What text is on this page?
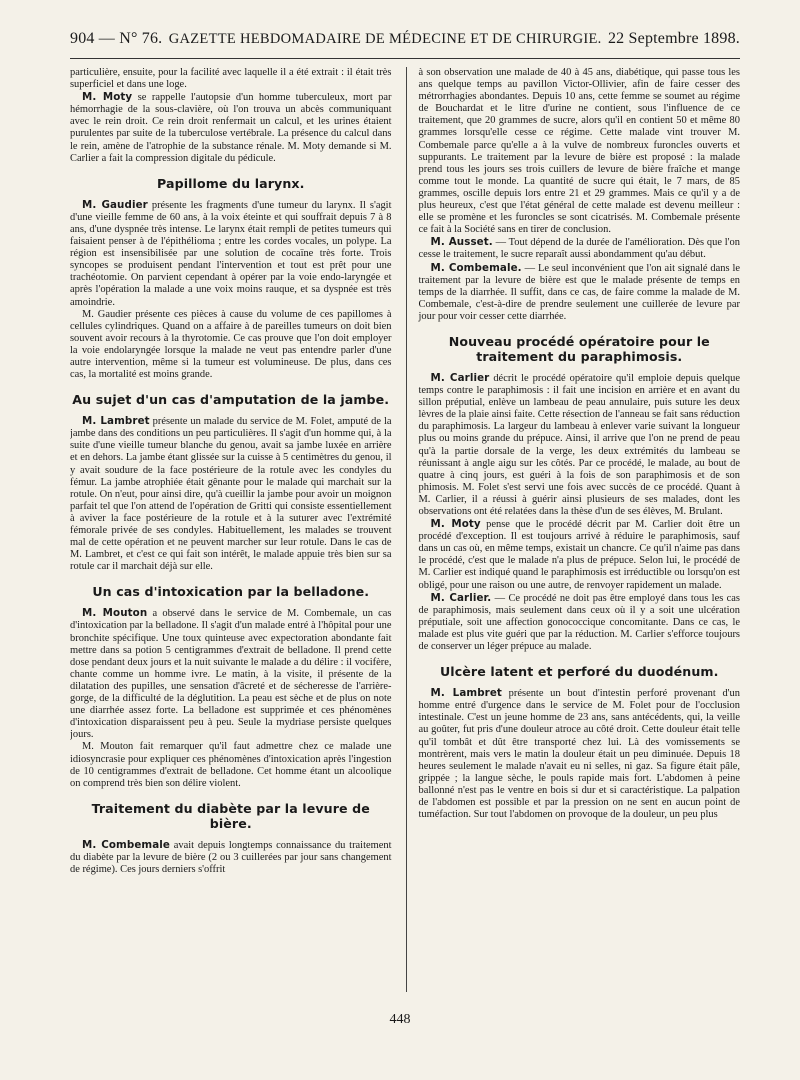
904 — N° 76. GAZETTE HEBDOMADAIRE DE MÉDECINE ET DE CHIRURGIE. 22 Septembre 1898.

particulière, ensuite, pour la facilité avec laquelle il a été extrait : il était très superficiel et dans une loge.

M. Moty se rappelle l'autopsie d'un homme tuberculeux, mort par hémorrhagie de la sous-clavière, où l'on trouva un abcès communiquant avec le rein droit. Ce rein droit renfermait un calcul, et les urines étaient purulentes par suite de la tuberculose vertébrale. La présence du calcul dans le rein, amène de l'atrophie de la substance rénale. M. Moty demande si M. Carlier a fait la compression digitale du pédicule.

Papillome du larynx.

M. Gaudier présente les fragments d'une tumeur du larynx. Il s'agit d'une vieille femme de 60 ans, à la voix éteinte et qui souffrait depuis 7 à 8 ans, d'une dyspnée très intense. Le larynx était rempli de petites tumeurs qui faisaient penser à de l'épithélioma ; entre les cordes vocales, un polype. La région est insensibilisée par une solution de cocaïne très forte. Trois syncopes se produisent pendant l'intervention et tout est prêt pour une trachéotomie. On parvient cependant à opérer par la voie endo-laryngée et après l'opération la malade a une voix moins rauque, et sa dyspnée est très amoindrie.

M. Gaudier présente ces pièces à cause du volume de ces papillomes à cellules cylindriques. Quand on a affaire à de pareilles tumeurs on doit bien souvent avoir recours à la thyrotomie. Ce cas prouve que l'on doit employer la voie endolaryngée lorsque la malade ne veut pas entendre parler d'une autre intervention, même si la tumeur est volumineuse. De plus, dans ces cas, la mortalité est moins grande.

Au sujet d'un cas d'amputation de la jambe.

M. Lambret présente un malade du service de M. Folet, amputé de la jambe dans des conditions un peu particulières. Il s'agit d'un homme qui, à la suite d'une vieille tumeur blanche du genou, avait sa jambe luxée en arrière et en dehors. La jambe étant glissée sur la cuisse à 5 centimètres du genou, il y avait soudure de la face postérieure de la rotule avec les condyles du fémur. La jambe atrophiée était gênante pour le malade qui marchait sur la rotule. On n'eut, pour ainsi dire, qu'à cueillir la jambe pour avoir un moignon parfait tel que l'on attend de l'opération de Gritti qui consiste essentiellement à aviver la face postérieure de la rotule et à la suturer avec l'extrémité fémorale privée de ses condyles. Habituellement, les malades se trouvent mal de cette opération et ne peuvent marcher sur leur rotule. Dans le cas de M. Lambret, et c'est ce qui fait son intérêt, le malade appuie très bien sur sa rotule car il marchait déjà sur elle.

Un cas d'intoxication par la belladone.

M. Mouton a observé dans le service de M. Combemale, un cas d'intoxication par la belladone. Il s'agit d'un malade entré à l'hôpital pour une bronchite spécifique. Une toux quinteuse avec expectoration abondante fait mettre dans sa potion 5 centigrammes d'extrait de belladone. Il prend cette dose pendant deux jours et la nuit suivante le malade a du délire : il vocifère, chante comme un homme ivre. Le matin, à la visite, il présente de la dilatation des pupilles, une sensation d'âcreté et de sécheresse de l'arrière-gorge, de la difficulté de la déglutition. La peau est sèche et de plus on note une diarrhée assez forte. La belladone est supprimée et ces phénomènes d'intoxication disparaissent peu à peu. Seule la mydriase persiste quelques jours.

M. Mouton fait remarquer qu'il faut admettre chez ce malade une idiosyncrasie pour expliquer ces phénomènes d'intoxication après l'ingestion de 10 centigrammes d'extrait de belladone. Cet homme étant un alcoolique on comprend très bien son délire violent.

Traitement du diabète par la levure de bière.

M. Combemale avait depuis longtemps connaissance du traitement du diabète par la levure de bière (2 ou 3 cuillerées par jour sans changement de régime). Ces jours derniers s'offrit

à son observation une malade de 40 à 45 ans, diabétique, qui passe tous les ans quelque temps au pavillon Victor-Ollivier, afin de faire cesser des métrorrhagies abondantes. Depuis 10 ans, cette femme se soumet au régime de Bouchardat et le litre d'urine ne contient, sous l'influence de ce traitement, que 20 grammes de sucre, alors qu'il en contient 50 et même 80 grammes lorsqu'elle cesse ce régime. Cette malade vint trouver M. Combemale parce qu'elle a à la vulve de nombreux furoncles ouverts et suppurants. Le traitement par la levure de bière est proposé : la malade prend tous les jours ses trois cuillers de levure de bière fraîche et mange comme tout le monde. La quantité de sucre qui était, le 7 mars, de 85 grammes, oscille depuis lors entre 21 et 29 grammes. Mais ce qu'il y a de plus heureux, c'est que l'état général de cette malade est devenu meilleur : elle se promène et les furoncles se sont cicatrisés. M. Combemale présente ce fait à la Société sans en tirer de conclusion.

M. Ausset. — Tout dépend de la durée de l'amélioration. Dès que l'on cesse le traitement, le sucre reparaît aussi abondamment qu'au début.

M. Combemale. — Le seul inconvénient que l'on ait signalé dans le traitement par la levure de bière est que le malade présente de temps en temps de la diarrhée. Il suffit, dans ce cas, de faire comme la malade de M. Combemale, c'est-à-dire de prendre seulement une cuillerée de levure par jour pour voir cesser cette diarrhée.

Nouveau procédé opératoire pour le traitement du paraphimosis.

M. Carlier décrit le procédé opératoire qu'il emploie depuis quelque temps contre le paraphimosis : il fait une incision en arrière et en avant du sillon préputial, enlève un lambeau de peau annulaire, puis suture les deux lèvres de la plaie ainsi faite. Cette résection de l'anneau se fait sans réduction du paraphimosis. La largeur du lambeau à enlever varie suivant la longueur plus ou moins grande du prépuce. Ainsi, il arrive que l'on ne prend de peau qu'à la partie dorsale de la verge, les deux extrémités du lambeau se réunissant à angle aigu sur les côtés. Par ce procédé, le malade, au bout de quatre à cinq jours, est guéri à la fois de son paraphimosis et de son phimosis. M. Folet s'est servi une fois avec succès de ce procédé. Quant à M. Carlier, il a réussi à guérir ainsi plusieurs de ses malades, dont les observations ont été relatées dans la thèse d'un de ses élèves, M. Brulant.

M. Moty pense que le procédé décrit par M. Carlier doit être un procédé d'exception. Il est toujours arrivé à réduire le paraphimosis, sauf dans un cas où, en même temps, existait un chancre. Ce qu'il n'aime pas dans le procédé, c'est que le malade n'a plus de prépuce. Selon lui, le procédé de M. Carlier est indiqué quand le paraphimosis est irréductible ou lorsqu'on est obligé, pour une raison ou une autre, de renvoyer rapidement un malade.

M. Carlier. — Ce procédé ne doit pas être employé dans tous les cas de paraphimosis, mais seulement dans ceux où il y a soit une ulcération préputiale, soit une affection gonococcique concomitante. Dans ce cas, le malade est plus vite guéri que par la réduction. M. Carlier s'efforce toujours de conserver un léger prépuce au malade.

Ulcère latent et perforé du duodénum.

M. Lambret présente un bout d'intestin perforé provenant d'un homme entré d'urgence dans le service de M. Folet pour de l'occlusion intestinale. C'est un jeune homme de 23 ans, sans antécédents, qui, la veille au goûter, fut pris d'une douleur atroce au côté droit. Cette douleur était telle qu'il tombât et dût être transporté chez lui. Là des vomissements se montrèrent, mais vers le matin la douleur était un peu diminuée. Depuis 18 heures seulement le malade n'avait eu ni selles, ni gaz. Sa figure était pâle, grippée ; la langue sèche, le pouls rapide mais fort. L'abdomen à peine ballonné n'est pas le ventre en bois si dur et si caractéristique. La palpation de l'abdomen est possible et par la pression on ne sent en aucun point de tuméfaction. Sur tout l'abdomen on provoque de la douleur, un peu plus

448
